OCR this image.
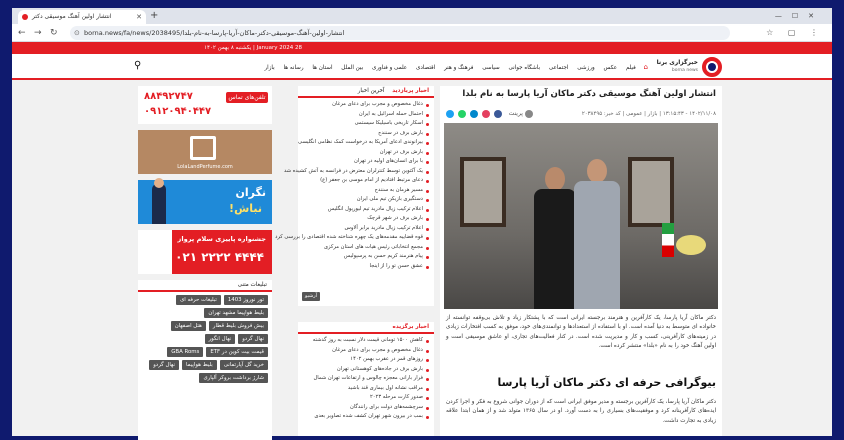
انتشار اولین آهنگ موسیقی دکتر	✕ +	—☐✕
← → ↻ ⊙ borna.news/fa/news/2038495/انتشار-اولین-آهنگ-موسیقی-دکتر-ماکان-آریا-پارسا-به-نام-بلدا	☆ ▢ ⋮
یکشنبه ۸ بهمن ۱۴۰۲ | January 2024 28
خبرگزاری برنا
borna news
⌂ فیلم عکس ورزشی اجتماعی باشگاه جوانی سیاسی فرهنگ و هنر اقتصادی علمی و فناوری بین الملل استان ها رسانه ها بازار
⚲
انتشار اولین آهنگ موسیقی دکتر ماکان آریا پارسا به نام بلدا
۱۴۰۲/۱۱/۰۸ - ۱۳:۱۵:۴۳ | بازار | عمومی | کد خبر: ۲۰۳۸۴۹۵
پرینت
دکتر ماکان آریا پارسا، یک کارآفرین و هنرمند برجسته ایرانی است که با پشتکار زیاد و تلاش بی‌وقفه توانسته از خانواده ای متوسط به دنیا آمده است. او با استفاده از استعدادها و توانمندی‌های خود، موفق به کسب افتخارات زیادی در زمینه‌های کارآفرینی، کسب و کار و مدیریت شده است. در کنار فعالیت‌های تجاری، او عاشق موسیقی است و اولین آهنگ خود را به نام «بلدا» منتشر کرده است.
بیوگرافی حرفه ای دکتر ماکان آریا پارسا
دکتر ماکان آریا پارسا، یک کارآفرین برجسته و مدیر موفق ایرانی است که از دوران جوانی شروع به فکر و اجرا کردن ایده‌های کارآفرینانه کرد و موفقیت‌های بسیاری را به دست آورد. او در سال ۱۳۶۵ متولد شد و از همان ابتدا علاقه زیادی به تجارت داشت.
اخبار پربازدید آخرین اخبار
ذغال مخصوص و مجرب برای دعای مرغان
احتمال حمله اسرائیل به ایران
اسکار تاریخی باسیلیکا سیستمی
بارش برف در سنندج
بیرانوندی ادعای آمریکا به درخواست کمک نظامی انگلیسی
بارش برف در تهران
با برای انسان‌های اولیه در تهران
یک آکتوین توسط کنترلران معترض در فرانسه به آتش کشیده شد
دعای مرتبط افتادیم از امام موسی بن جعفر (ع)
مسیر هرمان به سنندج
دستگیری بازیکن تیم ملی ایران
اعلام ترکیب زیال مادرید تیم لیورپول انگلیس
بارش برف در شهر قرچک
اعلام ترکیب زیال مادرید برابر آلاوس
قوه قضاییه مقدمه‌های یک چهره شناخته شده اقتصادی را بررسی کرد
مجمع انتخاباتی رئیس هیات های استان مرکزی
پیام هنرمند کریم حسن به پرسپولیس
عشق حسن تو را از اینجا
آرشیو
اخبار برگزیده
کاهش ۱۵۰۰ تومانی قیمت دلار نسبت به روز گذشته
ذغال مخصوص و مجرب برای دعای مرغان
روزهای قمر در عقرب بهمن ۱۴۰۲
بارش برف در جاده‌های کوهستانی تهران
فرار بارانی معجزه چالوس و ارتفاعات تهران شمال
مراقب نشانه اول بیماری قند باشید
صدور کارت مرحله ۲۰۲۳
سرچشمه‌های دولت برای رانندگان
بمب در بیرون شهر تهران کشف شده تصاویر بعدی
تلفن‌های تماس
۸۸۴۹۲۷۴۷
۰۹۱۲۰۹۴۰۴۴۷
LolaLandPerfume.com
نگران
نباش!
جشنواره پاییزی سلام پرواز
۰۲۱ ۲۲۲۲ ۴۴۴۴
تبلیغات متنی
تور نوروز 1403 تبلیغات حرفه ای بلیط هواپیما مشهد تهران بیش فروش بلیط قطار هتل اصفهان نهال گردو نهال انگور قیمت بیت کوین در ETF GBA Roms خرید گل آپارتمانی بلیط هواپیما نهال گردو شارژ برداشت بروکر آلپاری
